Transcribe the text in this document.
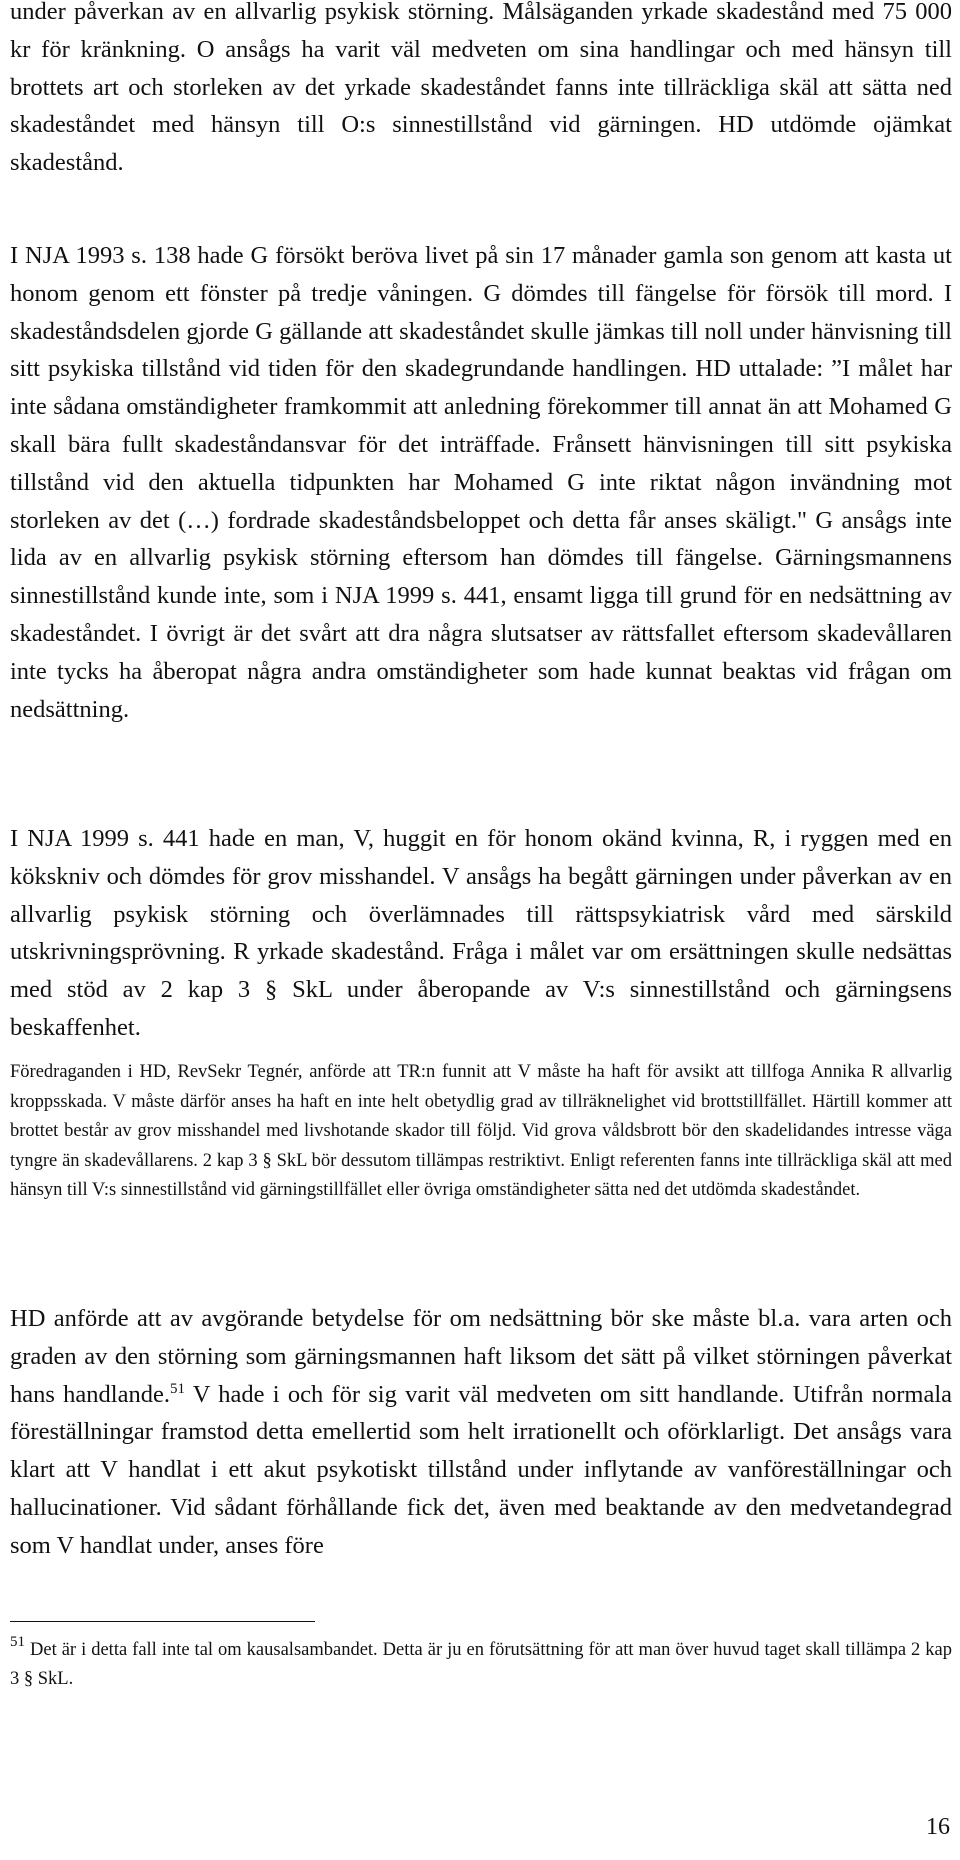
under påverkan av en allvarlig psykisk störning. Målsäganden yrkade skadestånd med 75 000 kr för kränkning. O ansågs ha varit väl medveten om sina handlingar och med hänsyn till brottets art och storleken av det yrkade skadeståndet fanns inte tillräckliga skäl att sätta ned skadeståndet med hänsyn till O:s sinnestillstånd vid gärningen. HD utdömde ojämkat skadestånd.

I NJA 1993 s. 138 hade G försökt beröva livet på sin 17 månader gamla son genom att kasta ut honom genom ett fönster på tredje våningen. G dömdes till fängelse för försök till mord. I skadeståndsdelen gjorde G gällande att skadeståndet skulle jämkas till noll under hänvisning till sitt psykiska tillstånd vid tiden för den skadegrundande handlingen. HD uttalade: ”I målet har inte sådana omständigheter framkommit att anledning förekommer till annat än att Mohamed G skall bära fullt skadeståndansvar för det inträffade. Frånsett hänvisningen till sitt psykiska tillstånd vid den aktuella tidpunkten har Mohamed G inte riktat någon invändning mot storleken av det (…) fordrade skadeståndsbeloppet och detta får anses skäligt." G ansågs inte lida av en allvarlig psykisk störning eftersom han dömdes till fängelse. Gärningsmannens sinnestillstånd kunde inte, som i NJA 1999 s. 441, ensamt ligga till grund för en nedsättning av skadeståndet. I övrigt är det svårt att dra några slutsatser av rättsfallet eftersom skadevållaren inte tycks ha åberopat några andra omständigheter som hade kunnat beaktas vid frågan om nedsättning.

I NJA 1999 s. 441 hade en man, V, huggit en för honom okänd kvinna, R, i ryggen med en kökskniv och dömdes för grov misshandel. V ansågs ha begått gärningen under påverkan av en allvarlig psykisk störning och överlämnades till rättspsykiatrisk vård med särskild utskrivningsprövning. R yrkade skadestånd. Fråga i målet var om ersättningen skulle nedsättas med stöd av 2 kap 3 § SkL under åberopande av V:s sinnestillstånd och gärningsens beskaffenhet.

Föredraganden i HD, RevSekr Tegnér, anförde att TR:n funnit att V måste ha haft för avsikt att tillfoga Annika R allvarlig kroppsskada. V måste därför anses ha haft en inte helt obetydlig grad av tillräknelighet vid brottstillfället. Härtill kommer att brottet består av grov misshandel med livshotande skador till följd. Vid grova våldsbrott bör den skadelidandes intresse väga tyngre än skadevållarens. 2 kap 3 § SkL bör dessutom tillämpas restriktivt. Enligt referenten fanns inte tillräckliga skäl att med hänsyn till V:s sinnestillstånd vid gärningstillfället eller övriga omständigheter sätta ned det utdömda skadeståndet.

HD anförde att av avgörande betydelse för om nedsättning bör ske måste bl.a. vara arten och graden av den störning som gärningsmannen haft liksom det sätt på vilket störningen påverkat hans handlande.$^{51}$ V hade i och för sig varit väl medveten om sitt handlande. Utifrån normala föreställningar framstod detta emellertid som helt irrationellt och oförklarligt. Det ansågs vara klart att V handlat i ett akut psykotiskt tillstånd under inflytande av vanföreställningar och hallucinationer. Vid sådant förhållande fick det, även med beaktande av den medvetandegrad som V handlat under, anses före

$^{51}$ Det är i detta fall inte tal om kausalsambandet. Detta är ju en förutsättning för att man över huvud taget skall tillämpa 2 kap 3 § SkL.

16
